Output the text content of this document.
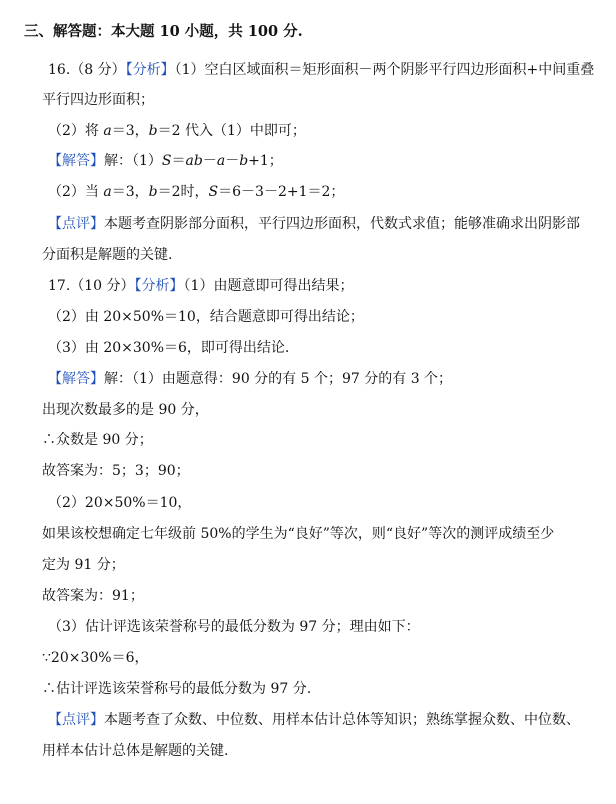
三、解答题：本大题 10 小题，共 100 分.
16.（8 分）【分析】（1）空白区域面积＝矩形面积－两个阴影平行四边形面积+中间重叠
平行四边形面积；
（2）将 a＝3，b＝2 代入（1）中即可；
【解答】解：（1）S＝ab－a－b+1；
（2）当 a＝3，b＝2时，S＝6－3－2+1＝2；
【点评】本题考查阴影部分面积，平行四边形面积，代数式求值；能够准确求出阴影部
分面积是解题的关键.
17.（10 分）【分析】（1）由题意即可得出结果；
（2）由 20×50%＝10，结合题意即可得出结论；
（3）由 20×30%＝6，即可得出结论.
【解答】解：（1）由题意得：90 分的有 5 个；97 分的有 3 个；
出现次数最多的是 90 分，
∴众数是 90 分；
故答案为：5；3；90；
（2）20×50%＝10，
如果该校想确定七年级前 50%的学生为“良好”等次，则“良好”等次的测评成绩至少
定为 91 分；
故答案为：91；
（3）估计评选该荣誉称号的最低分数为 97 分；理由如下：
∵20×30%＝6，
∴估计评选该荣誉称号的最低分数为 97 分.
【点评】本题考查了众数、中位数、用样本估计总体等知识；熟练掌握众数、中位数、
用样本估计总体是解题的关键.
